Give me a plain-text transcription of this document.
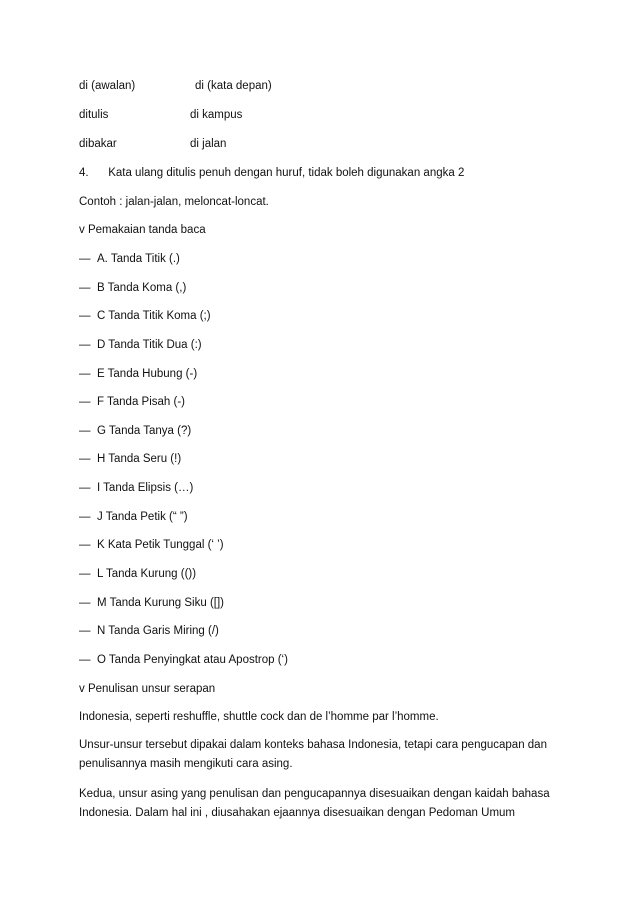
di (awalan)	di (kata depan)
ditulis	di kampus
dibakar	di jalan
4. Kata ulang ditulis penuh dengan huruf, tidak boleh digunakan angka 2
Contoh : jalan-jalan, meloncat-loncat.
v Pemakaian tanda baca
— A. Tanda Titik (.)
— B Tanda Koma (,)
— C Tanda Titik Koma (;)
— D Tanda Titik Dua (:)
— E Tanda Hubung (-)
— F Tanda Pisah (-)
— G Tanda Tanya (?)
— H Tanda Seru (!)
— I Tanda Elipsis (…)
— J Tanda Petik (“ ”)
— K Kata Petik Tunggal (‘ ’)
— L Tanda Kurung (())
— M Tanda Kurung Siku ([])
— N Tanda Garis Miring (/)
— O Tanda Penyingkat atau Apostrop (‘)
v Penulisan unsur serapan
Indonesia, seperti reshuffle, shuttle cock dan de l’homme par l’homme.
Unsur-unsur tersebut dipakai dalam konteks bahasa Indonesia, tetapi cara pengucapan dan penulisannya masih mengikuti cara asing.
Kedua, unsur asing yang penulisan dan pengucapannya disesuaikan dengan kaidah bahasa Indonesia. Dalam hal ini , diusahakan ejaannya disesuaikan dengan Pedoman Umum
